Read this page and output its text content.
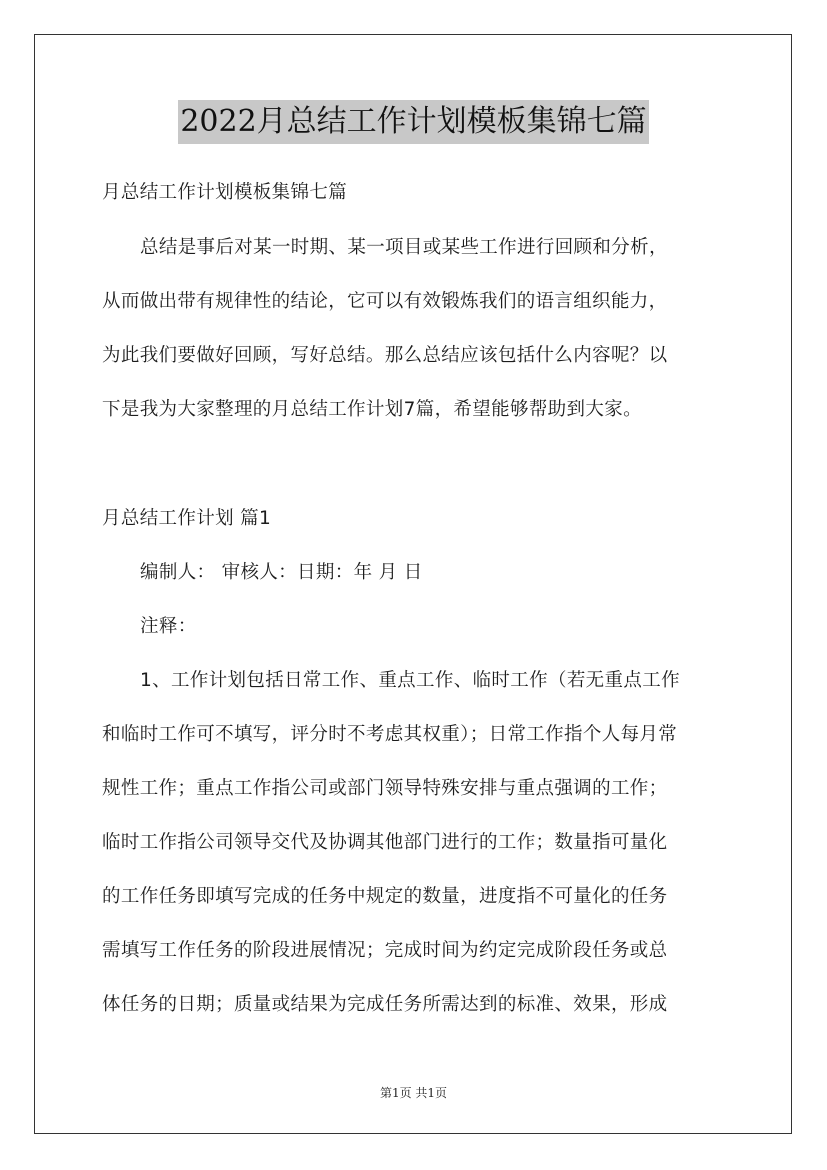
2022月总结工作计划模板集锦七篇
月总结工作计划模板集锦七篇
总结是事后对某一时期、某一项目或某些工作进行回顾和分析，
从而做出带有规律性的结论，它可以有效锻炼我们的语言组织能力，
为此我们要做好回顾，写好总结。那么总结应该包括什么内容呢？以
下是我为大家整理的月总结工作计划7篇，希望能够帮助到大家。
月总结工作计划 篇1
编制人： 审核人：日期：年 月 日
注释：
1、工作计划包括日常工作、重点工作、临时工作（若无重点工作
和临时工作可不填写，评分时不考虑其权重）；日常工作指个人每月常
规性工作；重点工作指公司或部门领导特殊安排与重点强调的工作；
临时工作指公司领导交代及协调其他部门进行的工作；数量指可量化
的工作任务即填写完成的任务中规定的数量，进度指不可量化的任务
需填写工作任务的阶段进展情况；完成时间为约定完成阶段任务或总
体任务的日期；质量或结果为完成任务所需达到的标准、效果，形成
第1页 共1页
